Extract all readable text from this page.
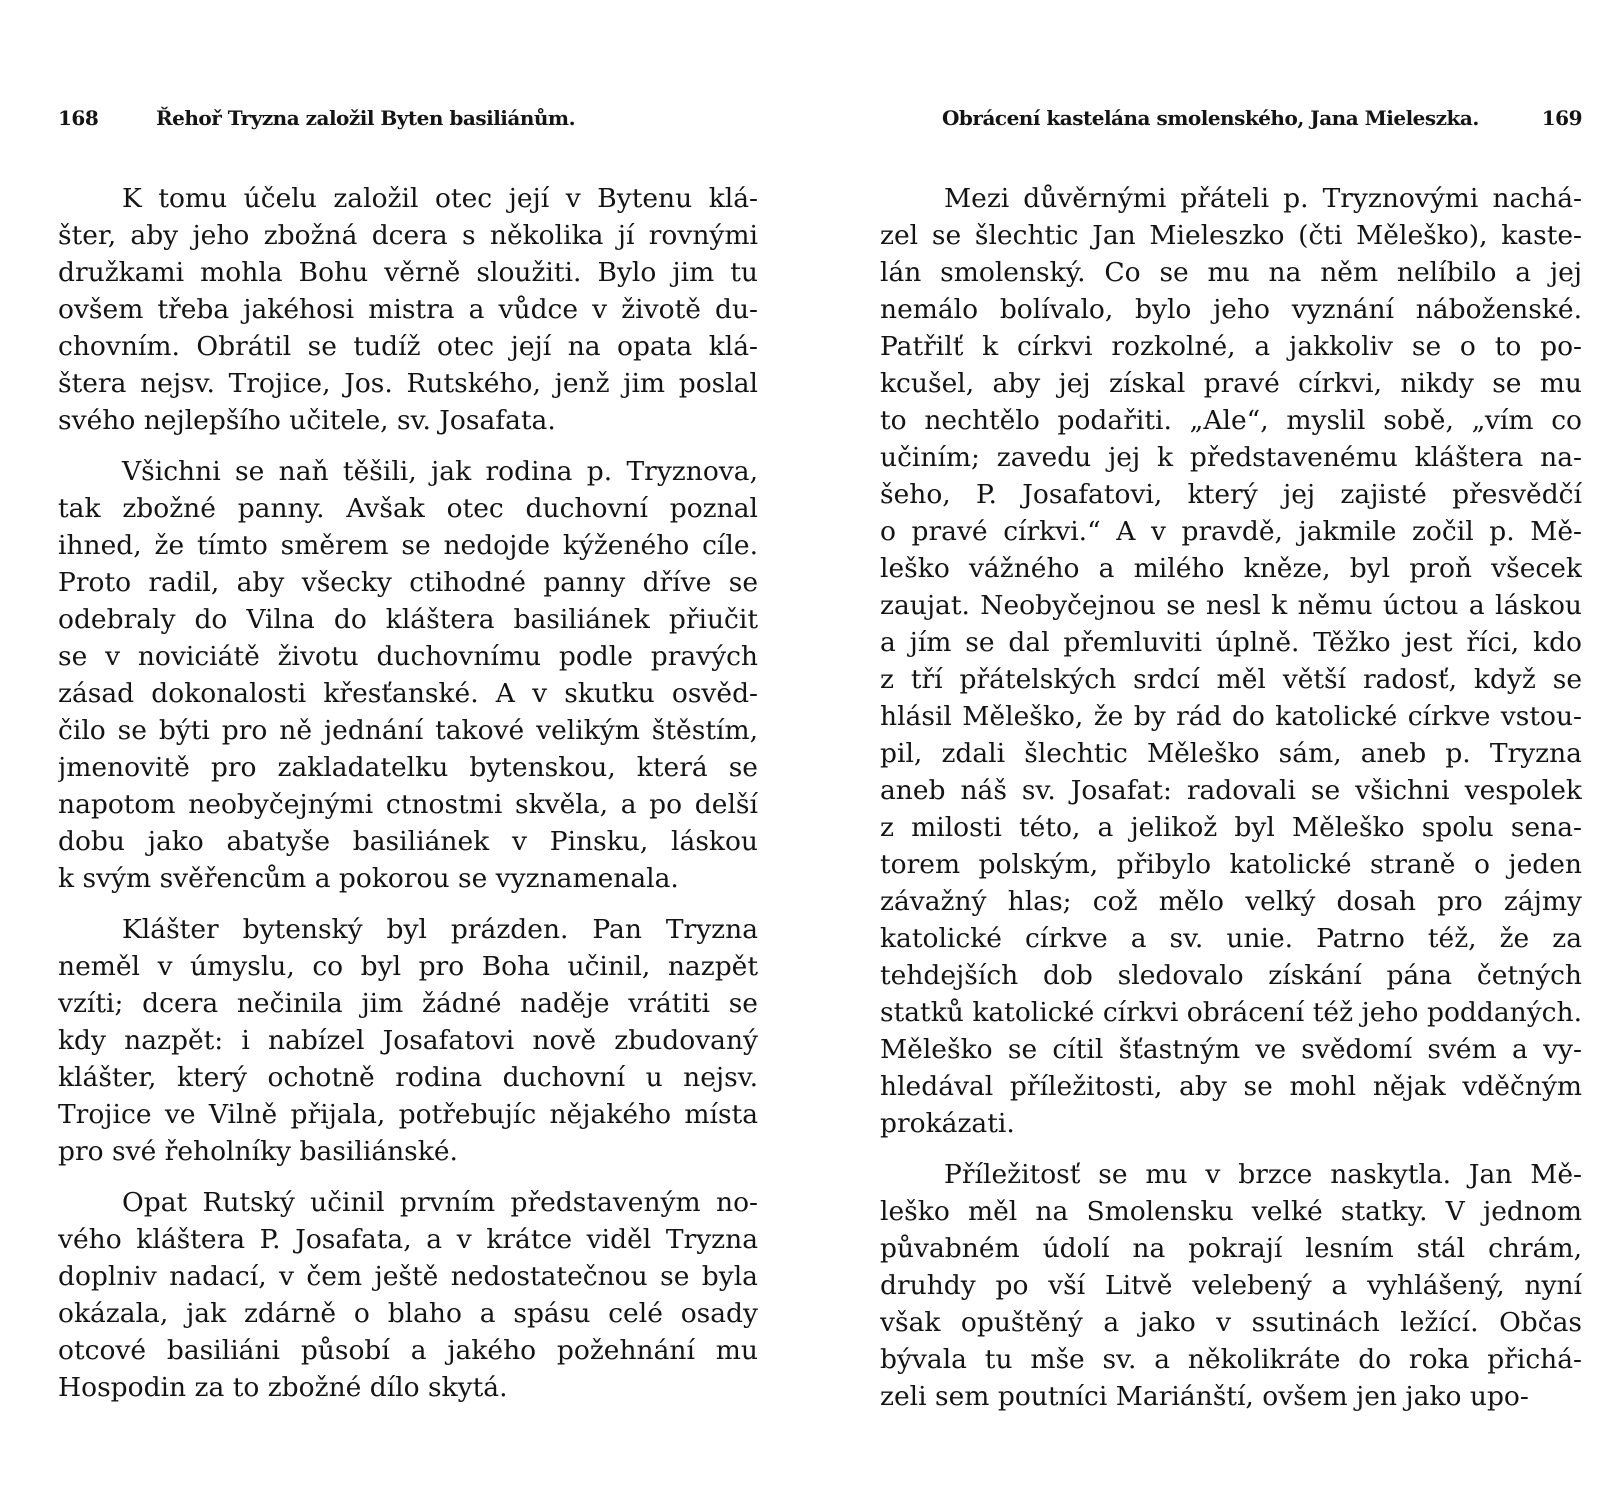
168	Řehoř Tryzna založil Byten basiliánům.
K tomu účelu založil otec její v Bytenu klá-
šter, aby jeho zbožná dcera s několika jí rovnými
družkami mohla Bohu věrně sloužiti. Bylo jim tu
ovšem třeba jakéhosi mistra a vůdce v životě du-
chovním. Obrátil se tudíž otec její na opata klá-
štera nejsv. Trojice, Jos. Rutského, jenž jim poslal
svého nejlepšího učitele, sv. Josafata.
Všichni se naň těšili, jak rodina p. Tryznova,
tak zbožné panny. Avšak otec duchovní poznal
ihned, že tímto směrem se nedojde kýženého cíle.
Proto radil, aby všecky ctihodné panny dříve se
odebraly do Vilna do kláštera basiliánek přiučit
se v noviciátě životu duchovnímu podle pravých
zásad dokonalosti křesťanské. A v skutku osvěd-
čilo se býti pro ně jednání takové velikým štěstím,
jmenovitě pro zakladatelku bytenskou, která se
napotom neobyčejnými ctnostmi skvěla, a po delší
dobu jako abatyše basiliánek v Pinsku, láskou
k svým svěřencům a pokorou se vyznamenala.
Klášter bytenský byl prázden. Pan Tryzna
neměl v úmyslu, co byl pro Boha učinil, nazpět
vzíti; dcera nečinila jim žádné naděje vrátiti se
kdy nazpět: i nabízel Josafatovi nově zbudovaný
klášter, který ochotně rodina duchovní u nejsv.
Trojice ve Vilně přijala, potřebujíc nějakého místa
pro své řeholníky basiliánské.
Opat Rutský učinil prvním představeným no-
vého kláštera P. Josafata, a v krátce viděl Tryzna
doplniv nadací, v čem ještě nedostatečnou se byla
okázala, jak zdárně o blaho a spásu celé osady
otcové basiliáni působí a jakého požehnání mu
Hospodin za to zbožné dílo skytá.
Obrácení kastelána smolenského, Jana Mieleszka.	169
Mezi důvěrnými přáteli p. Tryznovými nachá-
zel se šlechtic Jan Mieleszko (čti Měleško), kaste-
lán smolenský. Co se mu na něm nelíbilo a jej
nemálo bolívalo, bylo jeho vyznání náboženské.
Patřilť k církvi rozkolné, a jakkoliv se o to po-
kcušel, aby jej získal pravé církvi, nikdy se mu
to nechtělo podařiti. „Ale“, myslil sobě, „vím co
učiním; zavedu jej k představenému kláštera na-
šeho, P. Josafatovi, který jej zajisté přesvědčí
o pravé církvi.“ A v pravdě, jakmile zočil p. Mě-
leško vážného a milého kněze, byl proň všecek
zaujat. Neobyčejnou se nesl k němu úctou a láskou
a jím se dal přemluviti úplně. Těžko jest říci, kdo
z tří přátelských srdcí měl větší radosť, když se
hlásil Měleško, že by rád do katolické církve vstou-
pil, zdali šlechtic Měleško sám, aneb p. Tryzna
aneb náš sv. Josafat: radovali se všichni vespolek
z milosti této, a jelikož byl Měleško spolu sena-
torem polským, přibylo katolické straně o jeden
závažný hlas; což mělo velký dosah pro zájmy
katolické církve a sv. unie. Patrno též, že za
tehdejších dob sledovalo získání pána četných
statků katolické církvi obrácení též jeho poddaných.
Měleško se cítil šťastným ve svědomí svém a vy-
hledával příležitosti, aby se mohl nějak vděčným
prokázati.
Příležitosť se mu v brzce naskytla. Jan Mě-
leško měl na Smolensku velké statky. V jednom
půvabném údolí na pokrají lesním stál chrám,
druhdy po vší Litvě velebený a vyhlášený, nyní
však opuštěný a jako v ssutinách ležící. Občas
bývala tu mše sv. a několikráte do roka přichá-
zeli sem poutníci Mariánští, ovšem jen jako upo-
